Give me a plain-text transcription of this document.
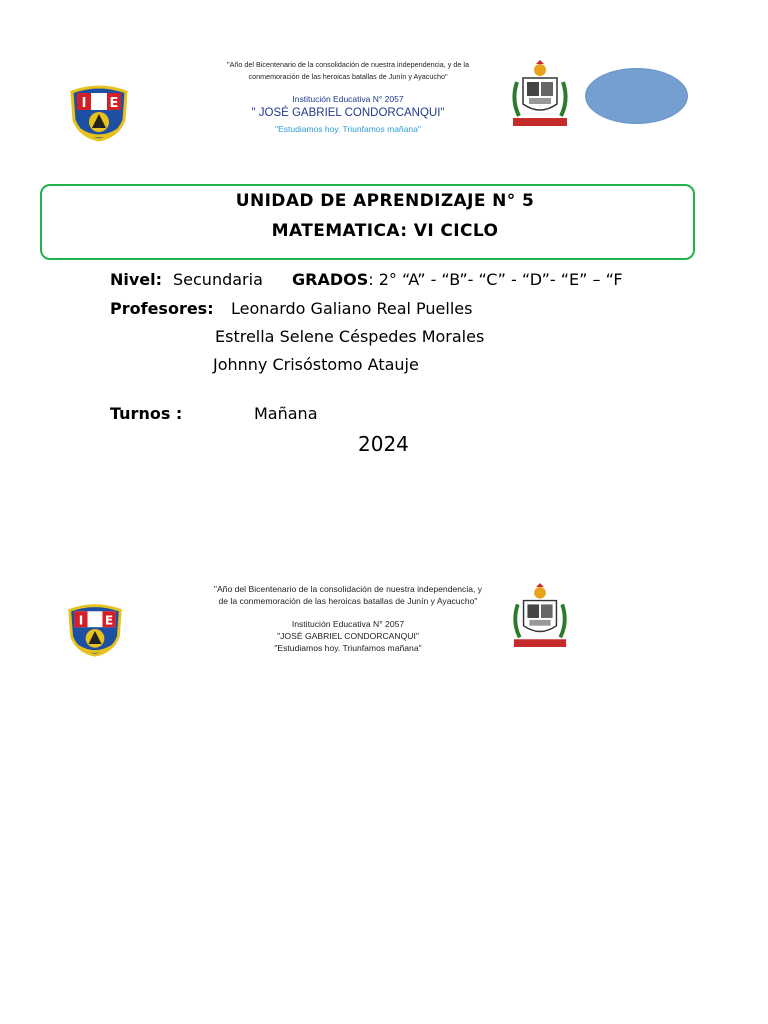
I E
"Año del Bicentenario de la consolidación de nuestra independencia, y de la
conmemoración de las heroicas batallas de Junín y Ayacucho"
Institución Educativa N° 2057
" JOSÉ GABRIEL CONDORCANQUI"
"Estudiamos hoy. Triunfamos mañana"
UNIDAD DE APRENDIZAJE N° 5
MATEMATICA: VI CICLO
Nivel: Secundaria GRADOS: 2° “A” - “B”- “C” - “D”- “E” – “F
Profesores: Leonardo Galiano Real Puelles
Estrella Selene Céspedes Morales
Johnny Crisóstomo Atauje
Turnos :	Mañana
2024
I E
"Año del Bicentenario de la consolidación de nuestra independencia, y
de la conmemoración de las heroicas batallas de Junín y Ayacucho"
Institución Educativa N° 2057
"JOSÉ GABRIEL CONDORCANQUI"
"Estudiamos hoy. Triunfamos mañana"
